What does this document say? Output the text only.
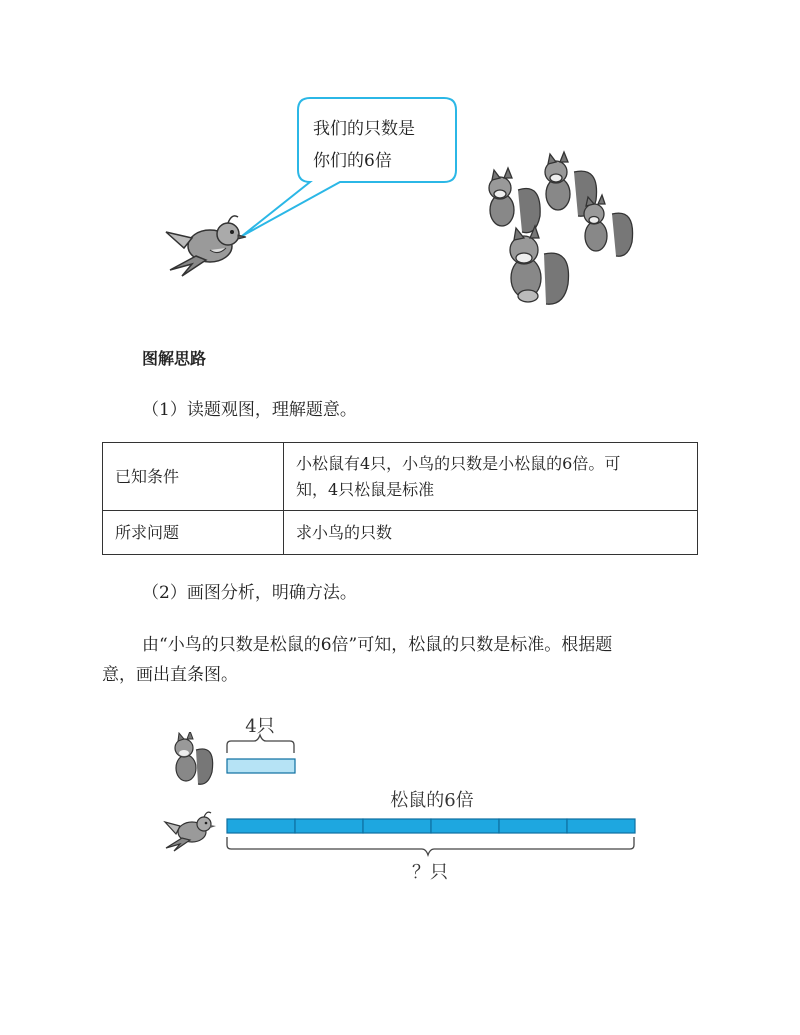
我们的只数是
你们的6倍
图解思路
（1）读题观图，理解题意。
已知条件	小松鼠有4只，小鸟的只数是小松鼠的6倍。可
知，4只松鼠是标准

所求问题	求小鸟的只数
（2）画图分析，明确方法。
由“小鸟的只数是松鼠的6倍”可知，松鼠的只数是标准。根据题
意，画出直条图。
4只
松鼠的6倍
？只
